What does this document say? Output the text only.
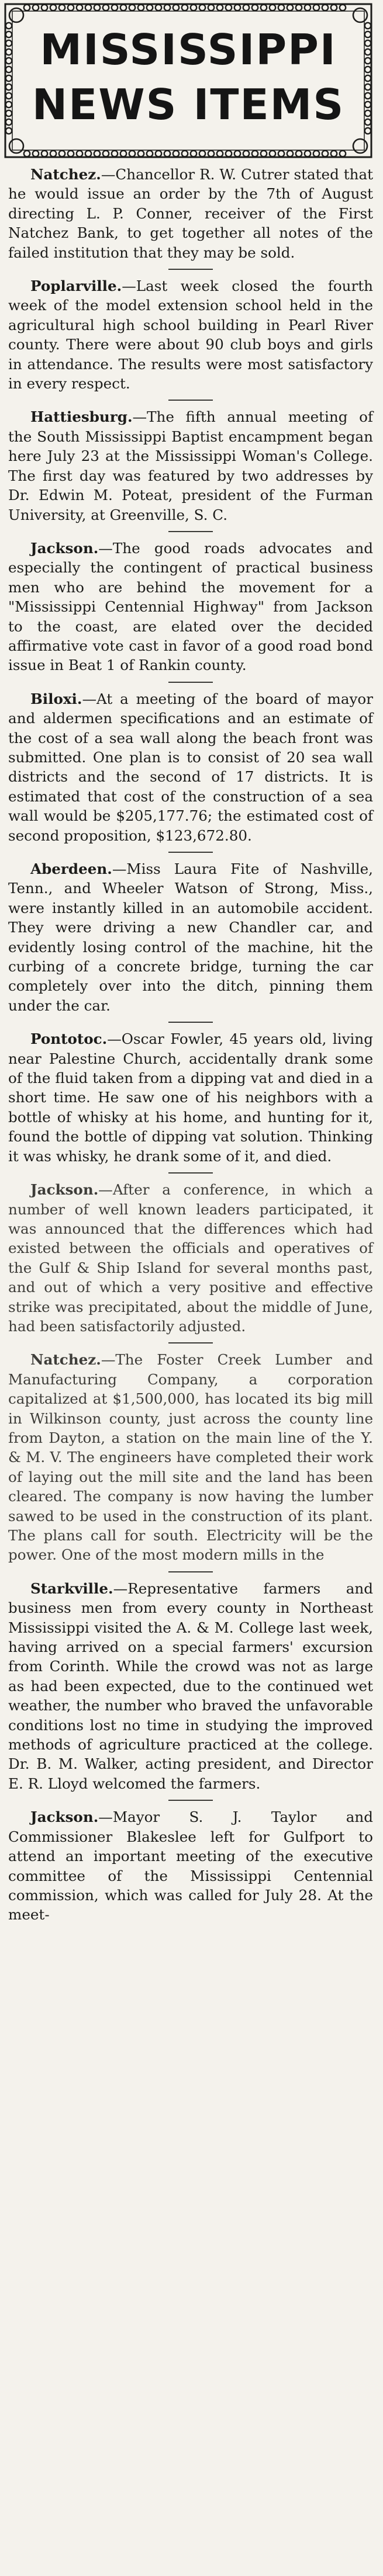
MISSISSIPPI
NEWS ITEMS

Natchez.—Chancellor R. W. Cutrer stated that he would issue an order by the 7th of August directing L. P. Conner, receiver of the First Natchez Bank, to get together all notes of the failed institution that they may be sold.

Poplarville.—Last week closed the fourth week of the model extension school held in the agricultural high school building in Pearl River county. There were about 90 club boys and girls in attendance. The results were most satisfactory in every respect.

Hattiesburg.—The fifth annual meeting of the South Mississippi Baptist encampment began here July 23 at the Mississippi Woman's College. The first day was featured by two addresses by Dr. Edwin M. Poteat, president of the Furman University, at Greenville, S. C.

Jackson.—The good roads advocates and especially the contingent of practical business men who are behind the movement for a "Mississippi Centennial Highway" from Jackson to the coast, are elated over the decided affirmative vote cast in favor of a good road bond issue in Beat 1 of Rankin county.

Biloxi.—At a meeting of the board of mayor and aldermen specifications and an estimate of the cost of a sea wall along the beach front was submitted. One plan is to consist of 20 sea wall districts and the second of 17 districts. It is estimated that cost of the construction of a sea wall would be $205,177.76; the estimated cost of second proposition, $123,672.80.

Aberdeen.—Miss Laura Fite of Nashville, Tenn., and Wheeler Watson of Strong, Miss., were instantly killed in an automobile accident. They were driving a new Chandler car, and evidently losing control of the machine, hit the curbing of a concrete bridge, turning the car completely over into the ditch, pinning them under the car.

Pontotoc.—Oscar Fowler, 45 years old, living near Palestine Church, accidentally drank some of the fluid taken from a dipping vat and died in a short time. He saw one of his neighbors with a bottle of whisky at his home, and hunting for it, found the bottle of dipping vat solution. Thinking it was whisky, he drank some of it, and died.

Jackson.—After a conference, in which a number of well known leaders participated, it was announced that the differences which had existed between the officials and operatives of the Gulf & Ship Island for several months past, and out of which a very positive and effective strike was precipitated, about the middle of June, had been satisfactorily adjusted.

Natchez.—The Foster Creek Lumber and Manufacturing Company, a corporation capitalized at $1,500,000, has located its big mill in Wilkinson county, just across the county line from Dayton, a station on the main line of the Y. & M. V. The engineers have completed their work of laying out the mill site and the land has been cleared. The company is now having the lumber sawed to be used in the construction of its plant. The plans call for south. Electricity will be the power. One of the most modern mills in the

Starkville.—Representative farmers and business men from every county in Northeast Mississippi visited the A. & M. College last week, having arrived on a special farmers' excursion from Corinth. While the crowd was not as large as had been expected, due to the continued wet weather, the number who braved the unfavorable conditions lost no time in studying the improved methods of agriculture practiced at the college. Dr. B. M. Walker, acting president, and Director E. R. Lloyd welcomed the farmers.

Jackson.—Mayor S. J. Taylor and Commissioner Blakeslee left for Gulfport to attend an important meeting of the executive committee of the Mississippi Centennial commission, which was called for July 28. At the meet-
